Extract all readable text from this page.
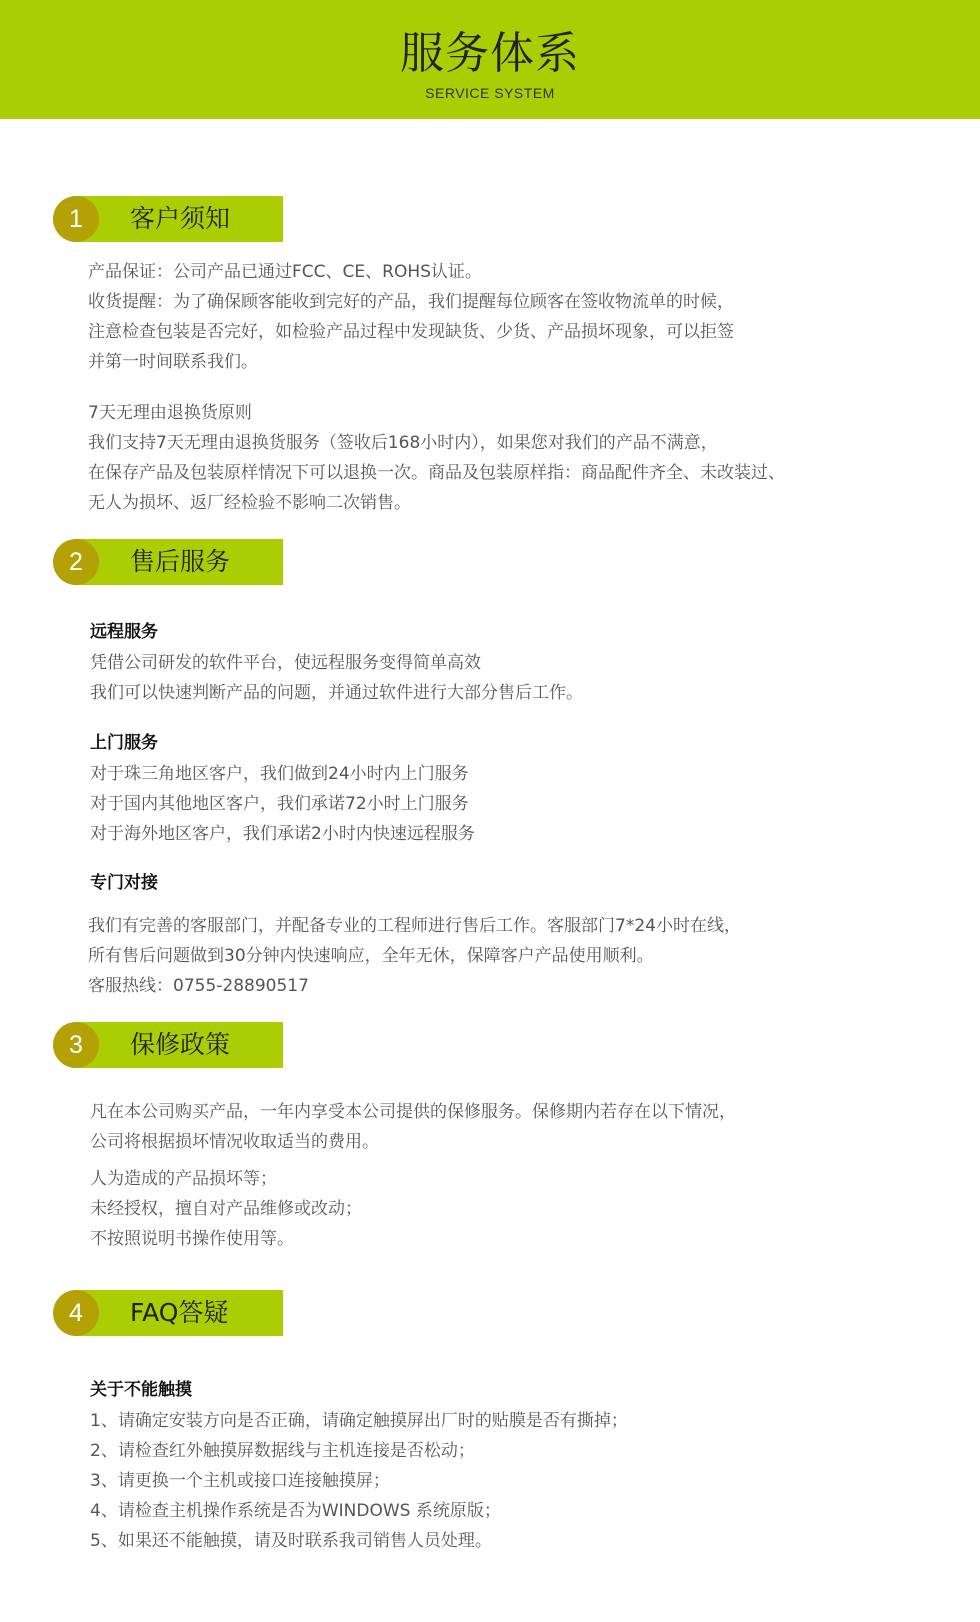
服务体系
SERVICE SYSTEM
1	客户须知
产品保证：公司产品已通过FCC、CE、ROHS认证。
收货提醒：为了确保顾客能收到完好的产品，我们提醒每位顾客在签收物流单的时候，
注意检查包装是否完好，如检验产品过程中发现缺货、少货、产品损坏现象，可以拒签
并第一时间联系我们。
7天无理由退换货原则
我们支持7天无理由退换货服务（签收后168小时内），如果您对我们的产品不满意，
在保存产品及包装原样情况下可以退换一次。商品及包装原样指：商品配件齐全、未改装过、
无人为损坏、返厂经检验不影响二次销售。
2	售后服务
远程服务
凭借公司研发的软件平台，使远程服务变得简单高效
我们可以快速判断产品的问题，并通过软件进行大部分售后工作。
上门服务
对于珠三角地区客户，我们做到24小时内上门服务
对于国内其他地区客户，我们承诺72小时上门服务
对于海外地区客户，我们承诺2小时内快速远程服务
专门对接
我们有完善的客服部门，并配备专业的工程师进行售后工作。客服部门7*24小时在线，
所有售后问题做到30分钟内快速响应，全年无休，保障客户产品使用顺利。
客服热线：0755-28890517
3	保修政策
凡在本公司购买产品，一年内享受本公司提供的保修服务。保修期内若存在以下情况，
公司将根据损坏情况收取适当的费用。
人为造成的产品损坏等；
未经授权，擅自对产品维修或改动；
不按照说明书操作使用等。
4	FAQ答疑
关于不能触摸
1、请确定安装方向是否正确，请确定触摸屏出厂时的贴膜是否有撕掉；
2、请检查红外触摸屏数据线与主机连接是否松动；
3、请更换一个主机或接口连接触摸屏；
4、请检查主机操作系统是否为WINDOWS 系统原版；
5、如果还不能触摸，请及时联系我司销售人员处理。
